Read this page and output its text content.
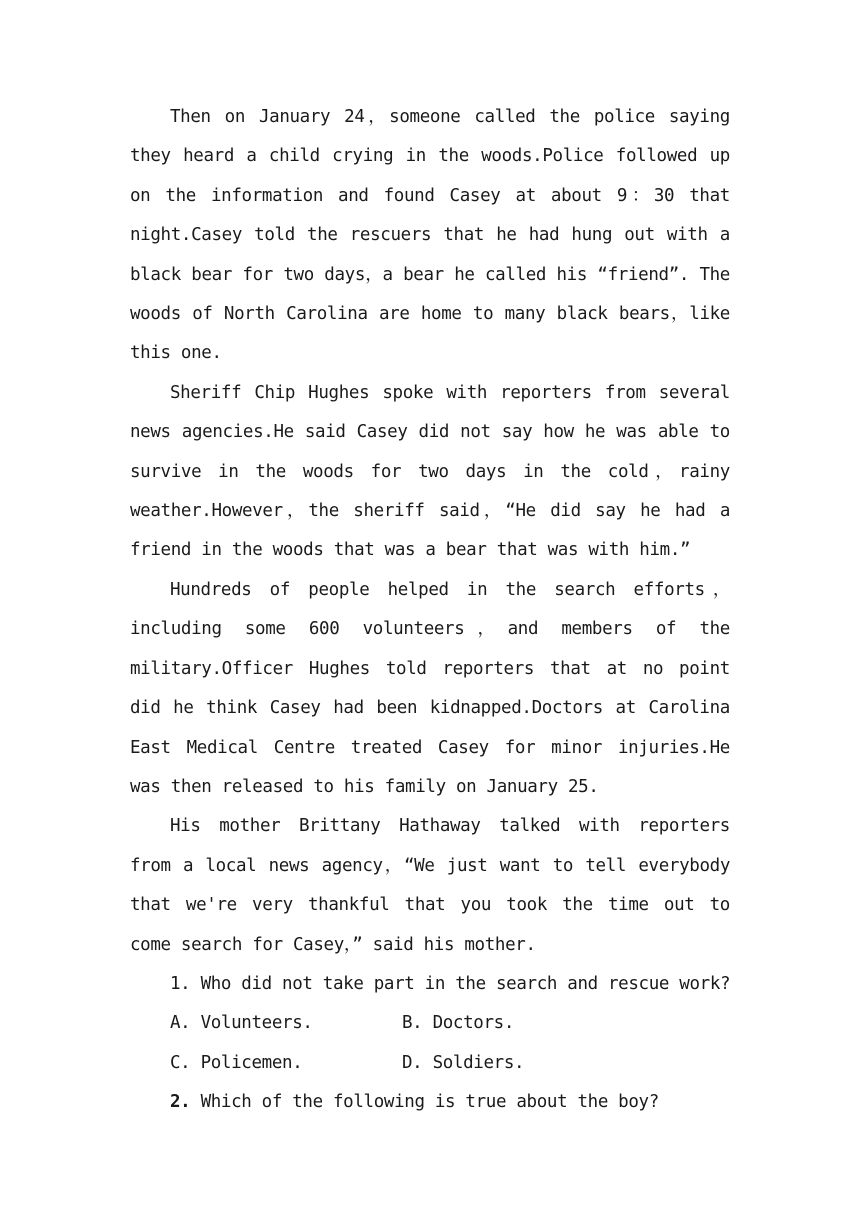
Then on January 24，someone called the police saying they heard a child crying in the woods.Police followed up on the information and found Casey at about 9：30 that night.Casey told the rescuers that he had hung out with a black bear for two days，a bear he called his “friend”. The woods of North Carolina are home to many black bears，like this one.

Sheriff Chip Hughes spoke with reporters from several news agencies.He said Casey did not say how he was able to survive in the woods for two days in the cold，rainy weather.However，the sheriff said，“He did say he had a friend in the woods that was a bear that was with him.”

Hundreds of people helped in the search efforts，including some 600 volunteers，and members of the military.Officer Hughes told reporters that at no point did he think Casey had been kidnapped.Doctors at Carolina East Medical Centre treated Casey for minor injuries.He was then released to his family on January 25.

His mother Brittany Hathaway talked with reporters from a local news agency，“We just want to tell everybody that we're very thankful that you took the time out to come search for Casey，” said his mother.

1. Who did not take part in the search and rescue work?

A. Volunteers.	B. Doctors.
C. Policemen.	D. Soldiers.

2. Which of the following is true about the boy?
